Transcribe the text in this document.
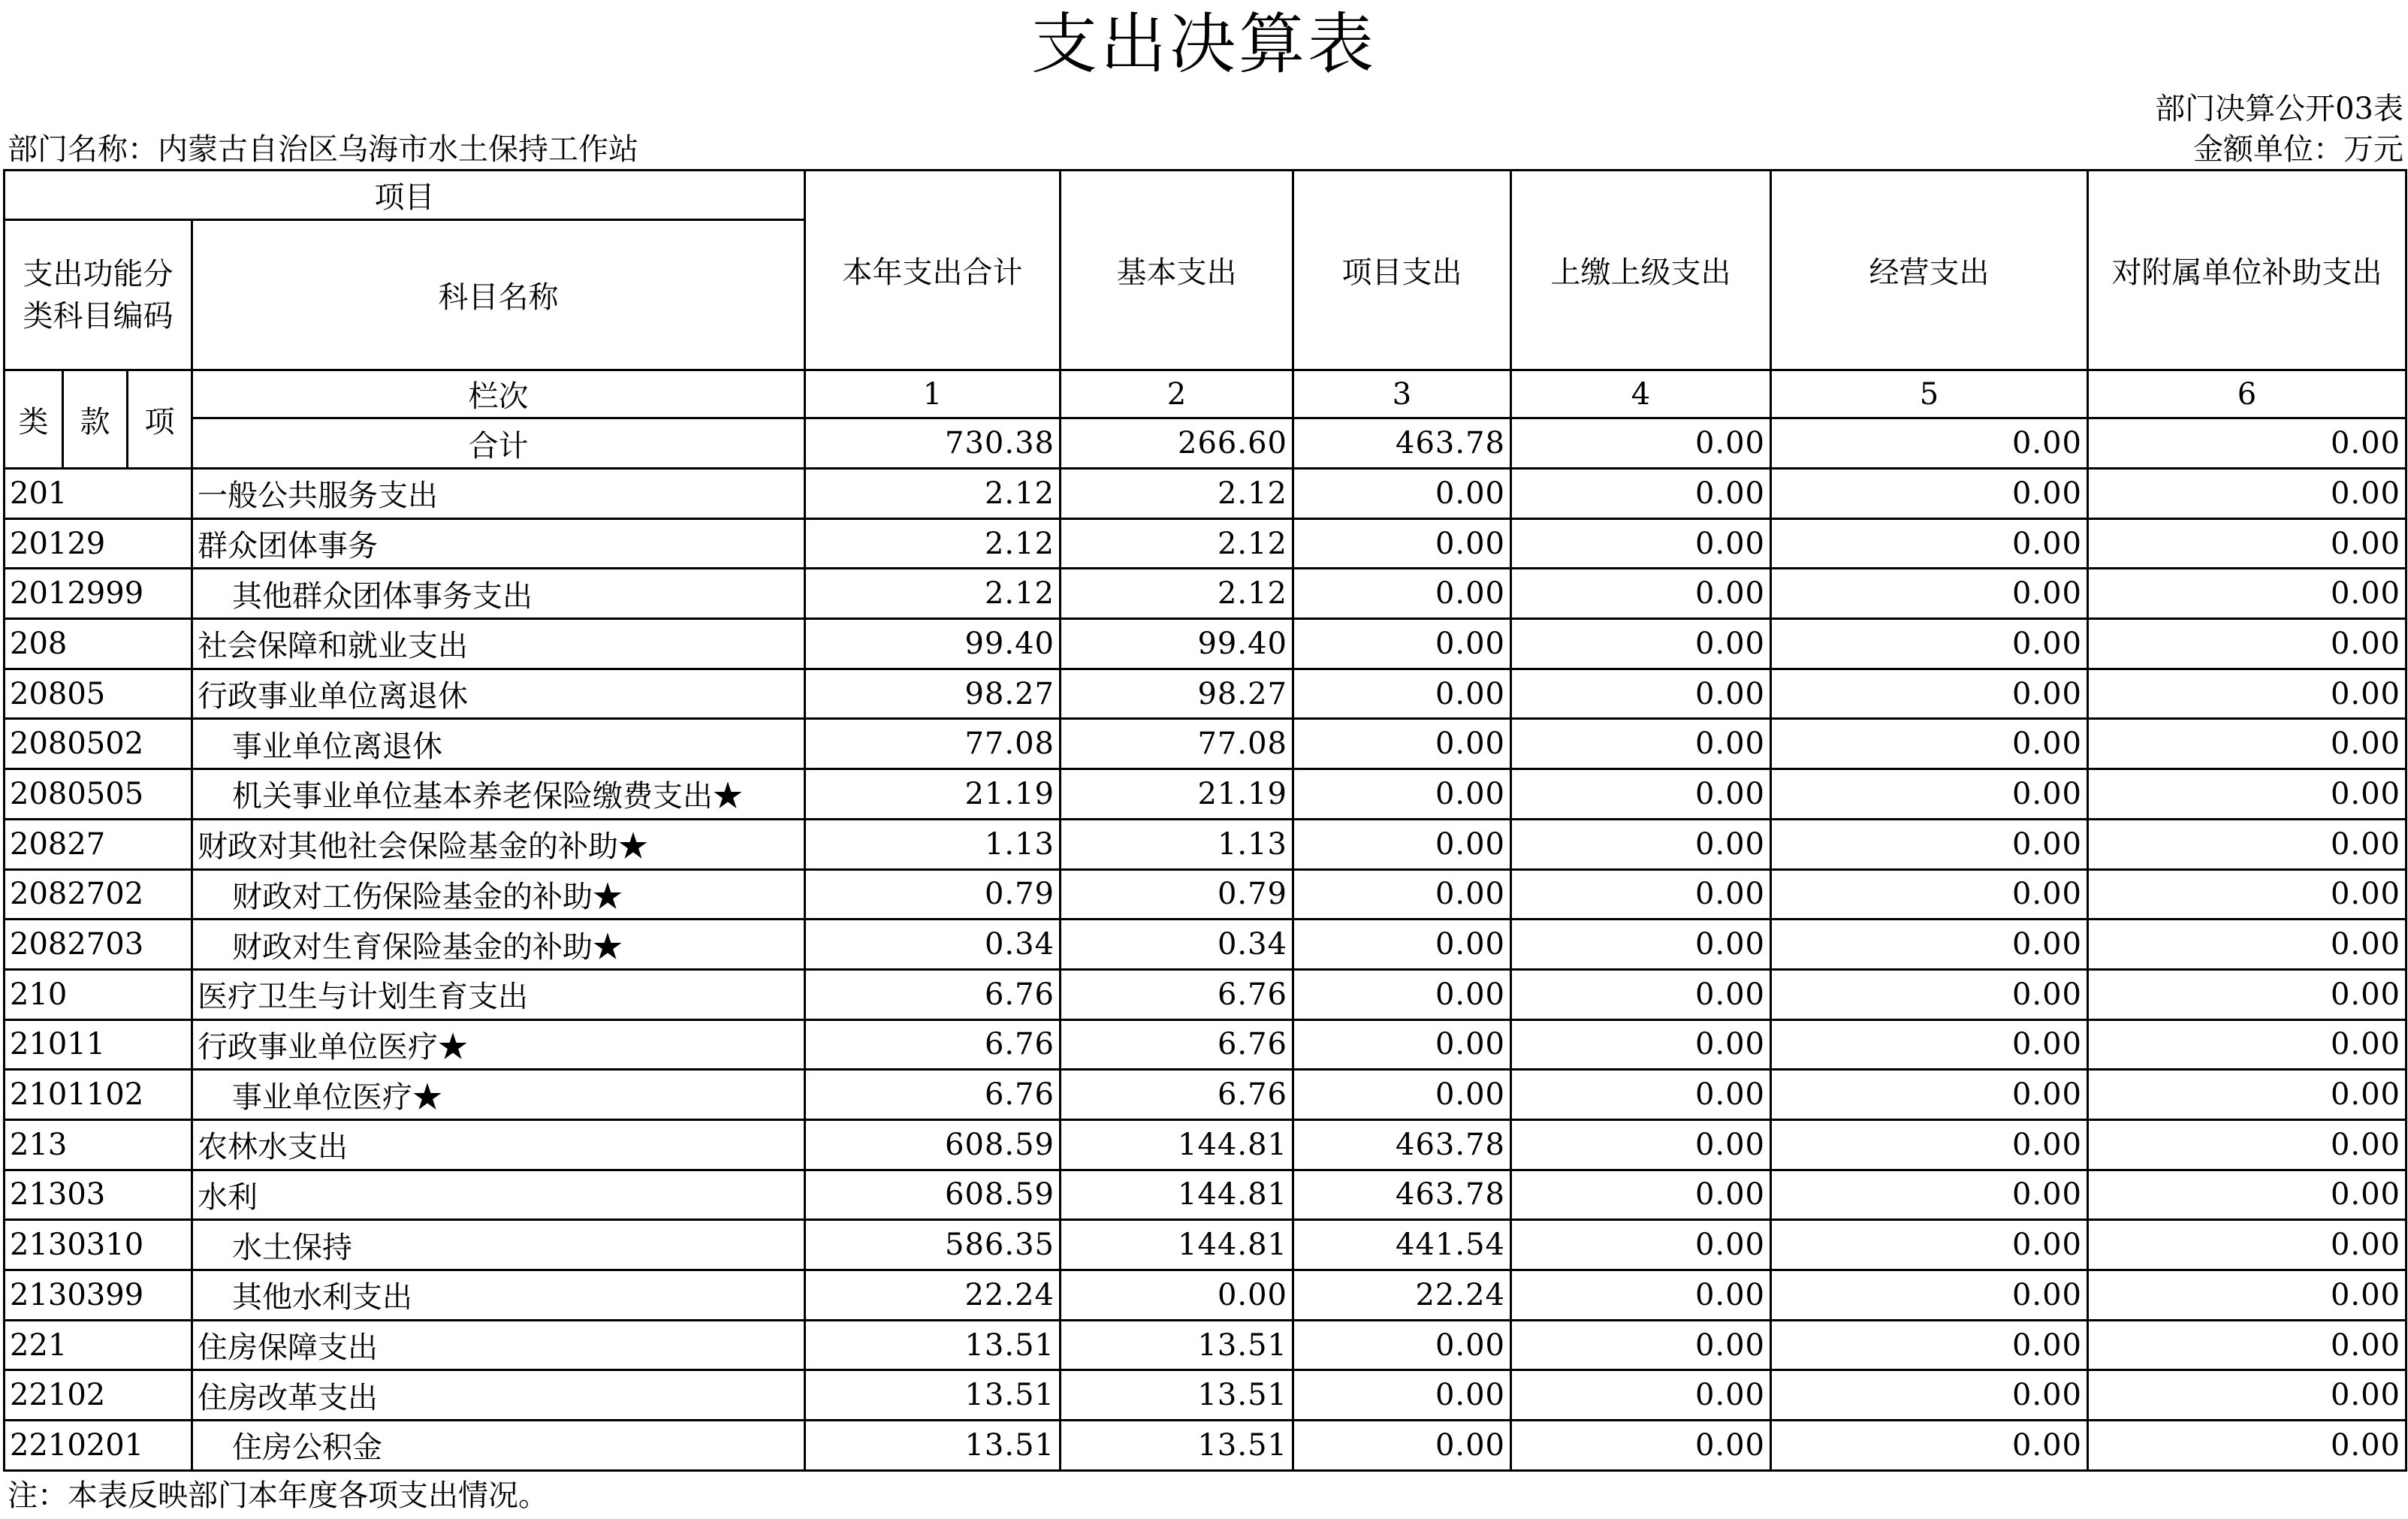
支出决算表
部门决算公开03表
部门名称：内蒙古自治区乌海市水土保持工作站	金额单位：万元
项目				本年支出合计	基本支出	项目支出	上缴上级支出	经营支出	对附属单位补助支出
支出功能分类科目编码			科目名称						
类	款	项	栏次	1	2	3	4	5	6
			合计	730.38	266.60	463.78	0.00	0.00	0.00
201			一般公共服务支出	2.12	2.12	0.00	0.00	0.00	0.00
20129			群众团体事务	2.12	2.12	0.00	0.00	0.00	0.00
2012999			其他群众团体事务支出	2.12	2.12	0.00	0.00	0.00	0.00
208			社会保障和就业支出	99.40	99.40	0.00	0.00	0.00	0.00
20805			行政事业单位离退休	98.27	98.27	0.00	0.00	0.00	0.00
2080502			事业单位离退休	77.08	77.08	0.00	0.00	0.00	0.00
2080505			机关事业单位基本养老保险缴费支出★	21.19	21.19	0.00	0.00	0.00	0.00
20827			财政对其他社会保险基金的补助★	1.13	1.13	0.00	0.00	0.00	0.00
2082702			财政对工伤保险基金的补助★	0.79	0.79	0.00	0.00	0.00	0.00
2082703			财政对生育保险基金的补助★	0.34	0.34	0.00	0.00	0.00	0.00
210			医疗卫生与计划生育支出	6.76	6.76	0.00	0.00	0.00	0.00
21011			行政事业单位医疗★	6.76	6.76	0.00	0.00	0.00	0.00
2101102			事业单位医疗★	6.76	6.76	0.00	0.00	0.00	0.00
213			农林水支出	608.59	144.81	463.78	0.00	0.00	0.00
21303			水利	608.59	144.81	463.78	0.00	0.00	0.00
2130310			水土保持	586.35	144.81	441.54	0.00	0.00	0.00
2130399			其他水利支出	22.24	0.00	22.24	0.00	0.00	0.00
221			住房保障支出	13.51	13.51	0.00	0.00	0.00	0.00
22102			住房改革支出	13.51	13.51	0.00	0.00	0.00	0.00
2210201			住房公积金	13.51	13.51	0.00	0.00	0.00	0.00
注：本表反映部门本年度各项支出情况。
